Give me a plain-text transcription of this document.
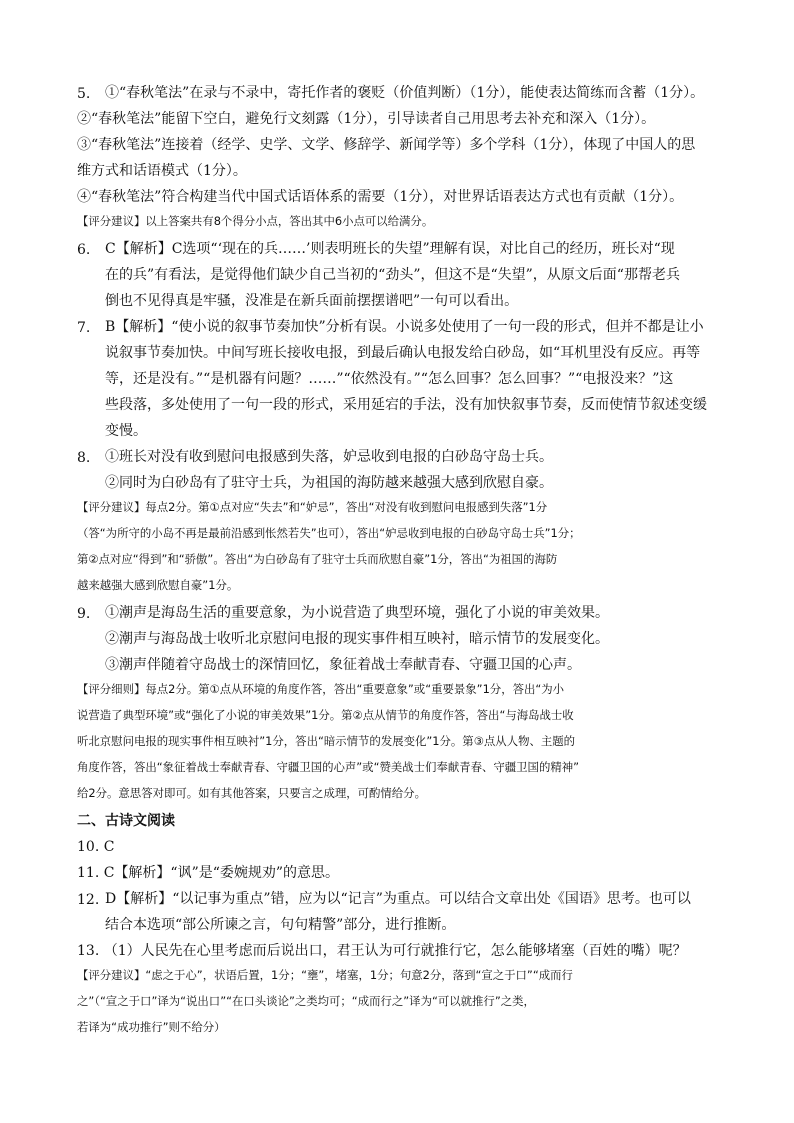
5. ①“春秋笔法”在录与不录中，寄托作者的褒贬（价值判断）（1分），能使表达简练而含蓄（1分）。
②“春秋笔法”能留下空白，避免行文刻露（1分），引导读者自己用思考去补充和深入（1分）。
③“春秋笔法”连接着（经学、史学、文学、修辞学、新闻学等）多个学科（1分），体现了中国人的思
维方式和话语模式（1分）。
④“春秋笔法”符合构建当代中国式话语体系的需要（1分），对世界话语表达方式也有贡献（1分）。
【评分建议】以上答案共有8个得分小点，答出其中6小点可以给满分。
6. C【解析】C选项“‘现在的兵……’则表明班长的失望”理解有误，对比自己的经历，班长对“现
在的兵”有看法，是觉得他们缺少自己当初的“劲头”，但这不是“失望”，从原文后面“那帮老兵
倒也不见得真是牢骚，没准是在新兵面前摆摆谱吧”一句可以看出。
7. B【解析】“使小说的叙事节奏加快”分析有误。小说多处使用了一句一段的形式，但并不都是让小
说叙事节奏加快。中间写班长接收电报，到最后确认电报发给白砂岛，如“耳机里没有反应。再等
等，还是没有。”“是机器有问题？……”“依然没有。”“怎么回事？怎么回事？”“电报没来？”这
些段落，多处使用了一句一段的形式，采用延宕的手法，没有加快叙事节奏，反而使情节叙述变缓
变慢。
8. ①班长对没有收到慰问电报感到失落，妒忌收到电报的白砂岛守岛士兵。
②同时为白砂岛有了驻守士兵，为祖国的海防越来越强大感到欣慰自豪。
【评分建议】每点2分。第①点对应“失去”和“妒忌”，答出“对没有收到慰问电报感到失落”1分
（答“为所守的小岛不再是最前沿感到怅然若失”也可），答出“妒忌收到电报的白砂岛守岛士兵”1分；
第②点对应“得到”和“骄傲”。答出“为白砂岛有了驻守士兵而欣慰自豪”1分，答出“为祖国的海防
越来越强大感到欣慰自豪”1分。
9. ①潮声是海岛生活的重要意象，为小说营造了典型环境，强化了小说的审美效果。
②潮声与海岛战士收听北京慰问电报的现实事件相互映衬，暗示情节的发展变化。
③潮声伴随着守岛战士的深情回忆，象征着战士奉献青春、守疆卫国的心声。
【评分细则】每点2分。第①点从环境的角度作答，答出“重要意象”或“重要景象”1分，答出“为小
说营造了典型环境”或“强化了小说的审美效果”1分。第②点从情节的角度作答，答出“与海岛战士收
听北京慰问电报的现实事件相互映衬”1分，答出“暗示情节的发展变化”1分。第③点从人物、主题的
角度作答，答出“象征着战士奉献青春、守疆卫国的心声”或“赞美战士们奉献青春、守疆卫国的精神”
给2分。意思答对即可。如有其他答案，只要言之成理，可酌情给分。
二、古诗文阅读
10. C
11. C【解析】“讽”是“委婉规劝”的意思。
12. D【解析】“以记事为重点”错，应为以“记言”为重点。可以结合文章出处《国语》思考。也可以
结合本选项“部公所谏之言，句句精警”部分，进行推断。
13. （1）人民先在心里考虑而后说出口，君王认为可行就推行它，怎么能够堵塞（百姓的嘴）呢？
【评分建议】“虑之于心”，状语后置，1分；“壅”，堵塞，1分；句意2分，落到“宣之于口”“成而行
之”（“宣之于口”译为“说出口”“在口头谈论”之类均可；“成而行之”译为“可以就推行”之类，
若译为“成功推行”则不给分）
